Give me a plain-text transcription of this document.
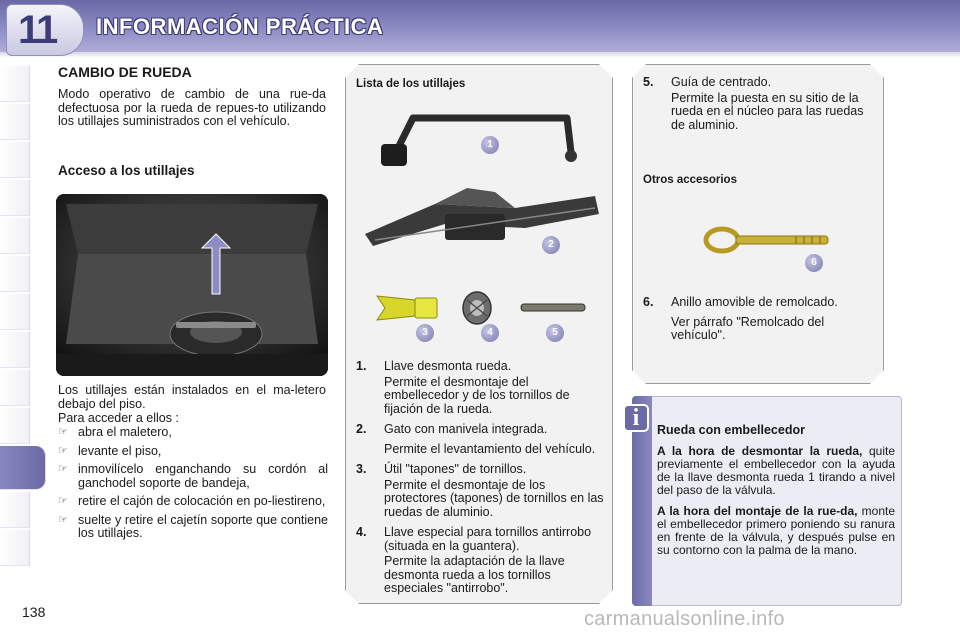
11 INFORMACIÓN PRÁCTICA
CAMBIO DE RUEDA
Modo operativo de cambio de una rue-da defectuosa por la rueda de repues-to utilizando los utillajes suministrados con el vehículo.
Acceso a los utillajes
Los utillajes están instalados en el ma-letero debajo del piso.
Para acceder a ellos :
☞ abra el maletero,
☞ levante el piso,
☞ inmovilícelo enganchando su cordón al ganchodel soporte de bandeja,
☞ retire el cajón de colocación en po-liestireno,
☞ suelte y retire el cajetín soporte que contiene los utillajes.
Lista de los utillajes
1
2
3	4	5
1.	Llave desmonta rueda.

Permite el desmontaje del embellecedor y de los tornillos de fijación de la rueda.

2.	Gato con manivela integrada.

Permite el levantamiento del vehículo.

3.	Útil "tapones" de tornillos.

Permite el desmontaje de los protectores (tapones) de tornillos en las ruedas de aluminio.

4.	Llave especial para tornillos antirrobo (situada en la guantera).

Permite la adaptación de la llave desmonta rueda a los tornillos especiales "antirrobo".

5.	Guía de centrado.

Permite la puesta en su sitio de la rueda en el núcleo para las ruedas de aluminio.

Otros accesorios
6
6.	Anillo amovible de remolcado.

Ver párrafo "Remolcado del vehículo".

i	Rueda con embellecedor
A la hora de desmontar la rueda, quite previamente el embellecedor con la ayuda de la llave desmonta rueda 1 tirando a nivel del paso de la válvula.
A la hora del montaje de la rue-da, monte el embellecedor primero poniendo su ranura en frente de la válvula, y después pulse en su contorno con la palma de la mano.
138	carmanualsonline.info
